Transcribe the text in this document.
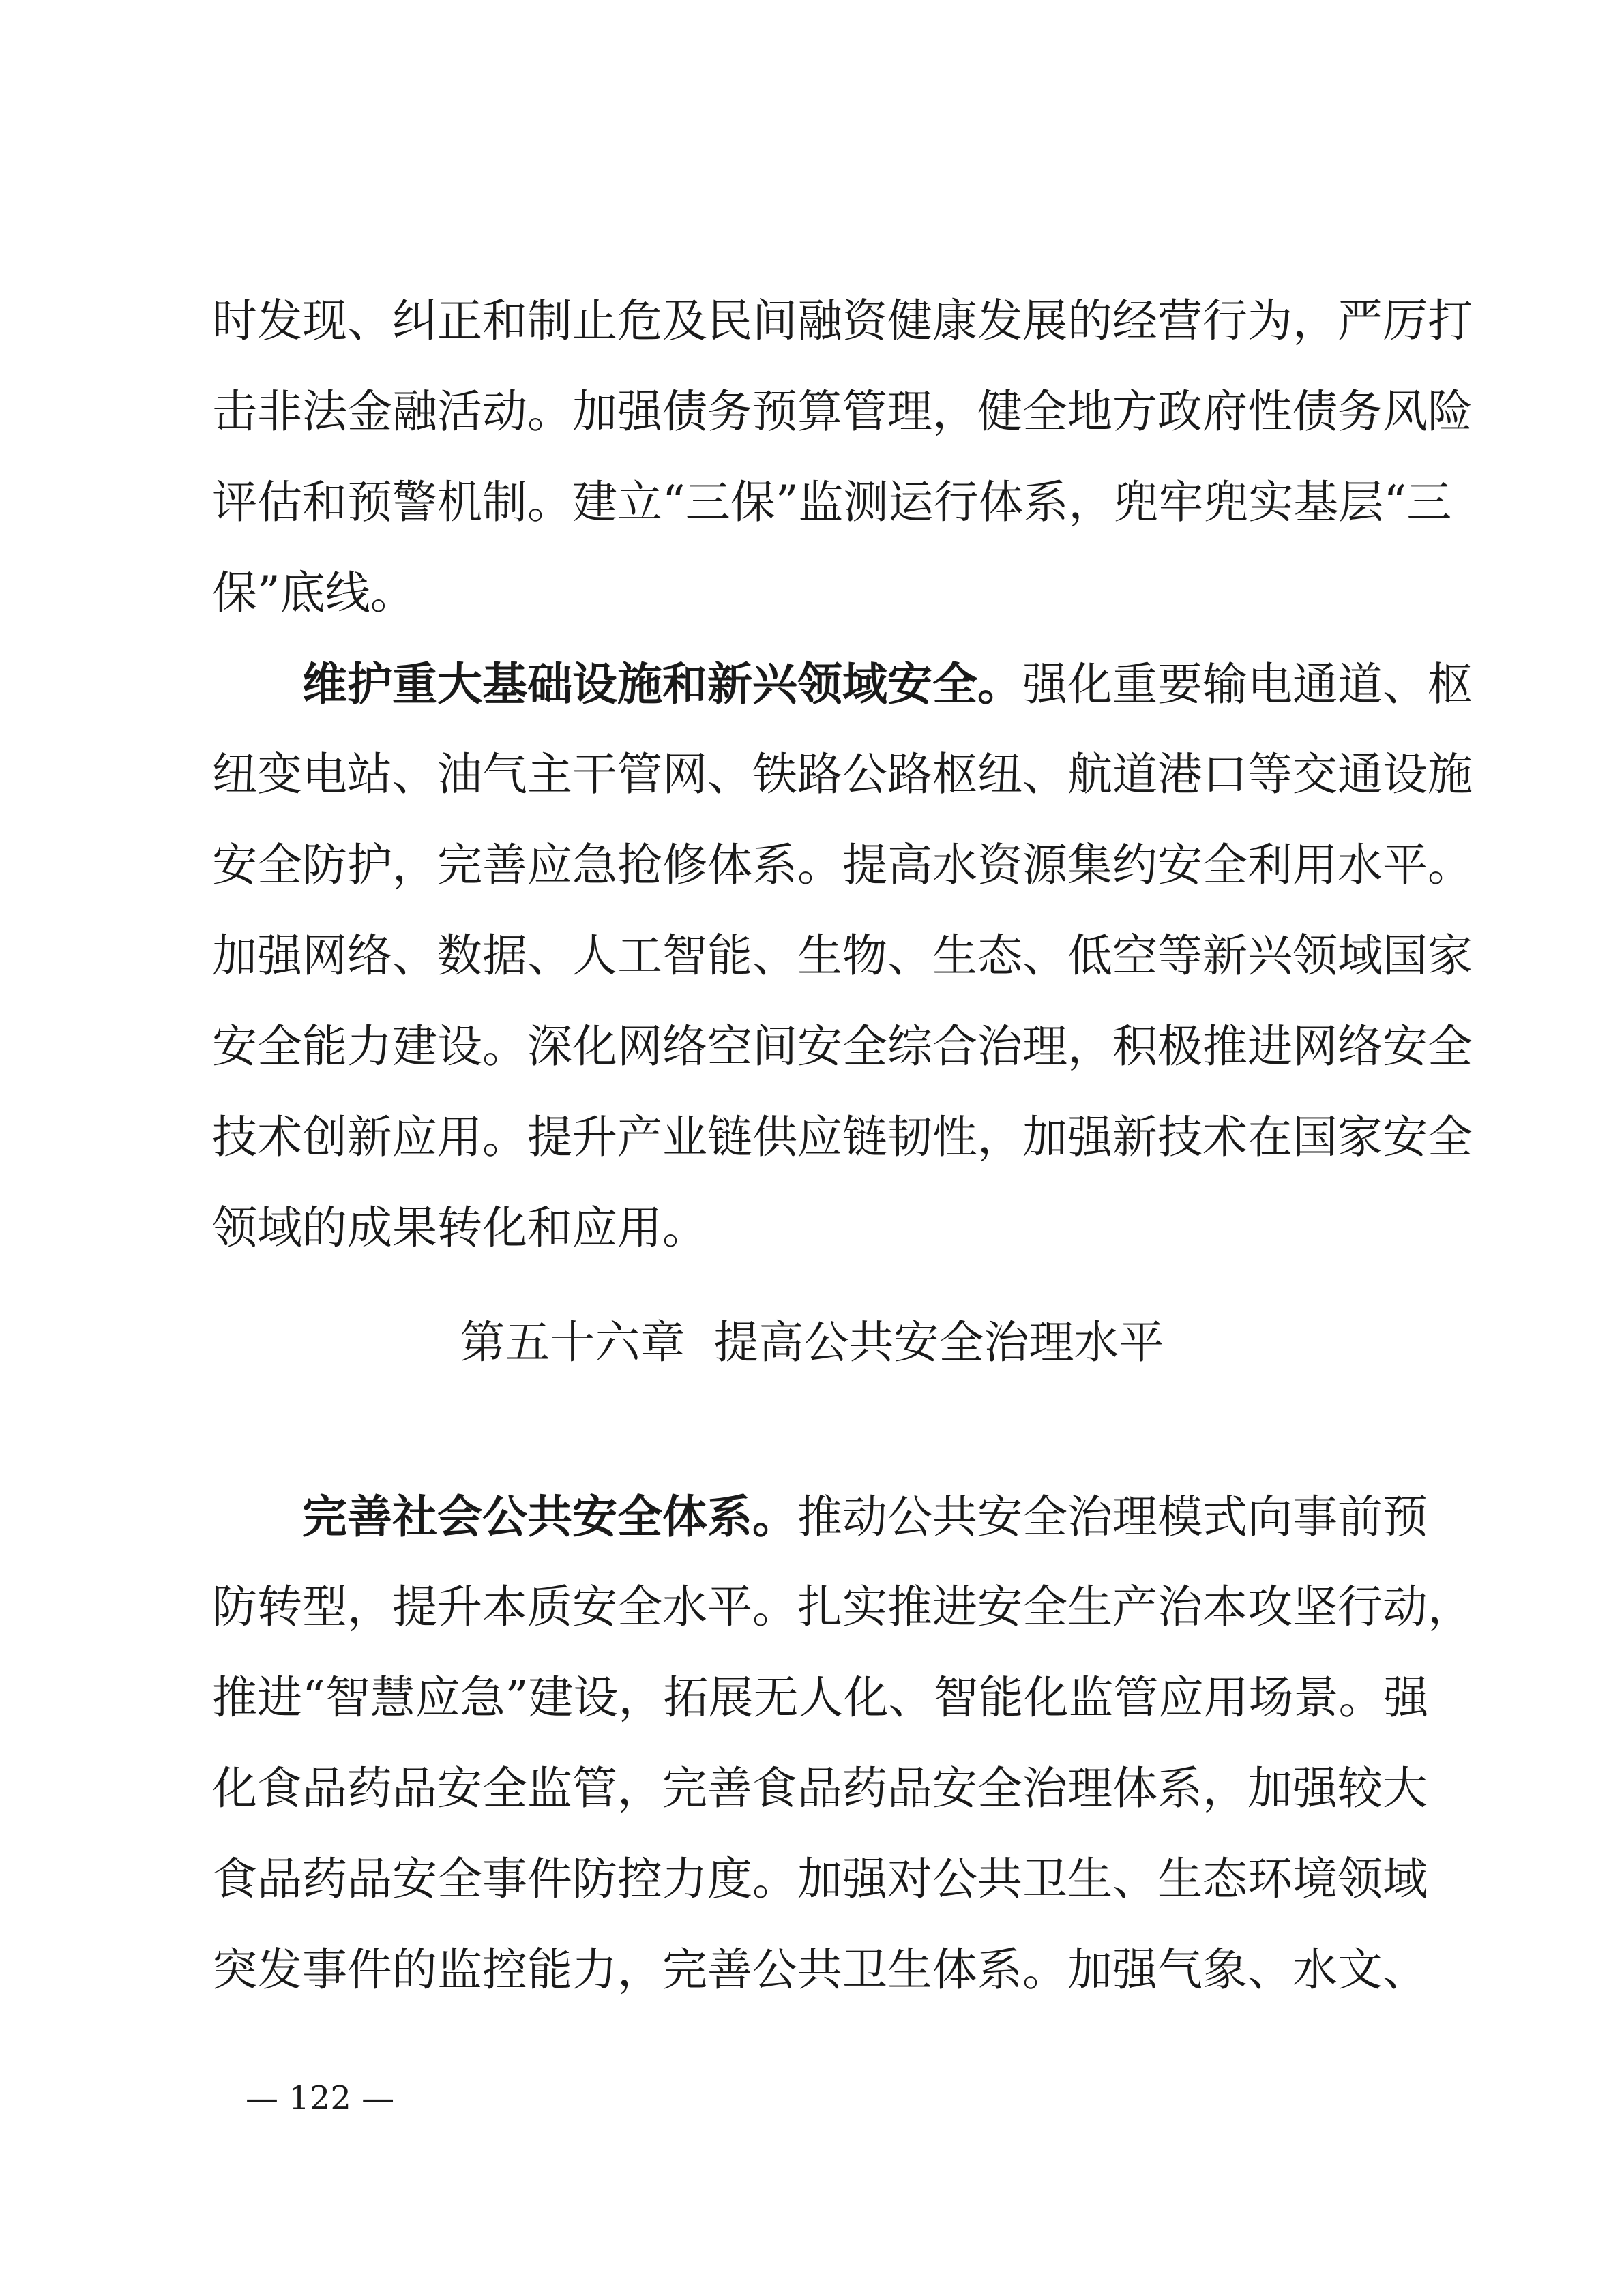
时发现、纠正和制止危及民间融资健康发展的经营行为，严厉打
击非法金融活动。加强债务预算管理，健全地方政府性债务风险
评估和预警机制。建立“三保”监测运行体系，兜牢兜实基层“三
保”底线。
维护重大基础设施和新兴领域安全。强化重要输电通道、枢
纽变电站、油气主干管网、铁路公路枢纽、航道港口等交通设施
安全防护，完善应急抢修体系。提高水资源集约安全利用水平。
加强网络、数据、人工智能、生物、生态、低空等新兴领域国家
安全能力建设。深化网络空间安全综合治理，积极推进网络安全
技术创新应用。提升产业链供应链韧性，加强新技术在国家安全
领域的成果转化和应用。
第五十六章 提高公共安全治理水平
完善社会公共安全体系。推动公共安全治理模式向事前预
防转型，提升本质安全水平。扎实推进安全生产治本攻坚行动，
推进“智慧应急”建设，拓展无人化、智能化监管应用场景。强
化食品药品安全监管，完善食品药品安全治理体系，加强较大
食品药品安全事件防控力度。加强对公共卫生、生态环境领域
突发事件的监控能力，完善公共卫生体系。加强气象、水文、
— 122 —
